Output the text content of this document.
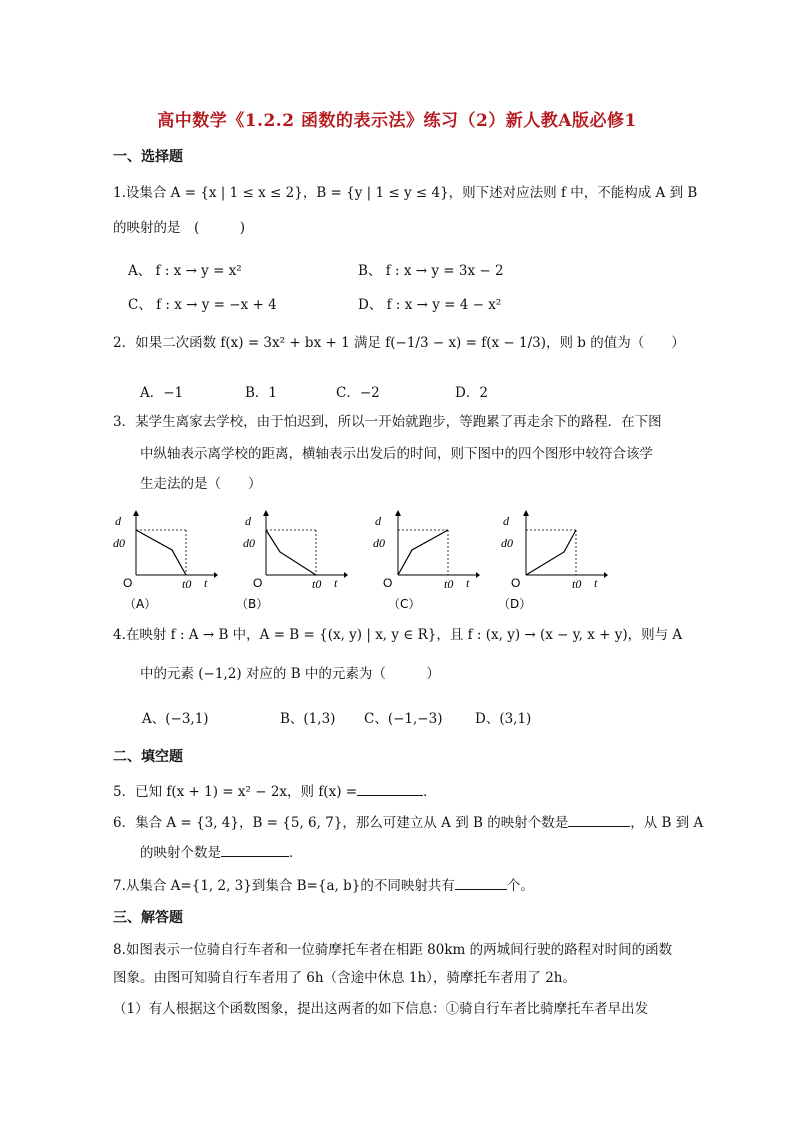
高中数学《1.2.2 函数的表示法》练习（2）新人教A版必修1
一、选择题
1.设集合 A = {x | 1 ≤ x ≤ 2}，B = {y | 1 ≤ y ≤ 4}，则下述对应法则 f 中，不能构成 A 到 B
的映射的是　(　　　)
A、 f : x → y = x²	B、 f : x → y = 3x − 2
C、 f : x → y = −x + 4	D、 f : x → y = 4 − x²
2．如果二次函数 f(x) = 3x² + bx + 1 满足 f(−1/3 − x) = f(x − 1/3)，则 b 的值为（　　）
A．−1	B．1	C．−2	D．2
3．某学生离家去学校，由于怕迟到，所以一开始就跑步，等跑累了再走余下的路程．在下图
中纵轴表示离学校的距离，横轴表示出发后的时间，则下图中的四个图形中较符合该学
生走法的是（　　）
d
d0
O	t0 t
（A）
d
d0
O	t0 t
（B）
d
d0
O	t0 t
（C）
d
d0
O	t0 t
（D）
4.在映射 f : A → B 中，A = B = {(x, y) | x, y ∈ R}，且 f : (x, y) → (x − y, x + y)，则与 A
中的元素 (−1,2) 对应的 B 中的元素为（　　　）
A、(−3,1)	B、(1,3) C、(−1,−3) D、(3,1)
二、填空题
5．已知 f(x + 1) = x² − 2x，则 f(x) =	．
6．集合 A = {3, 4}，B = {5, 6, 7}，那么可建立从 A 到 B 的映射个数是	，从 B 到 A
的映射个数是	．
7.从集合 A={1, 2, 3}到集合 B={a, b}的不同映射共有	个。
三、解答题
8.如图表示一位骑自行车者和一位骑摩托车者在相距 80km 的两城间行驶的路程对时间的函数
图象。由图可知骑自行车者用了 6h（含途中休息 1h），骑摩托车者用了 2h。
（1）有人根据这个函数图象，提出这两者的如下信息：①骑自行车者比骑摩托车者早出发
